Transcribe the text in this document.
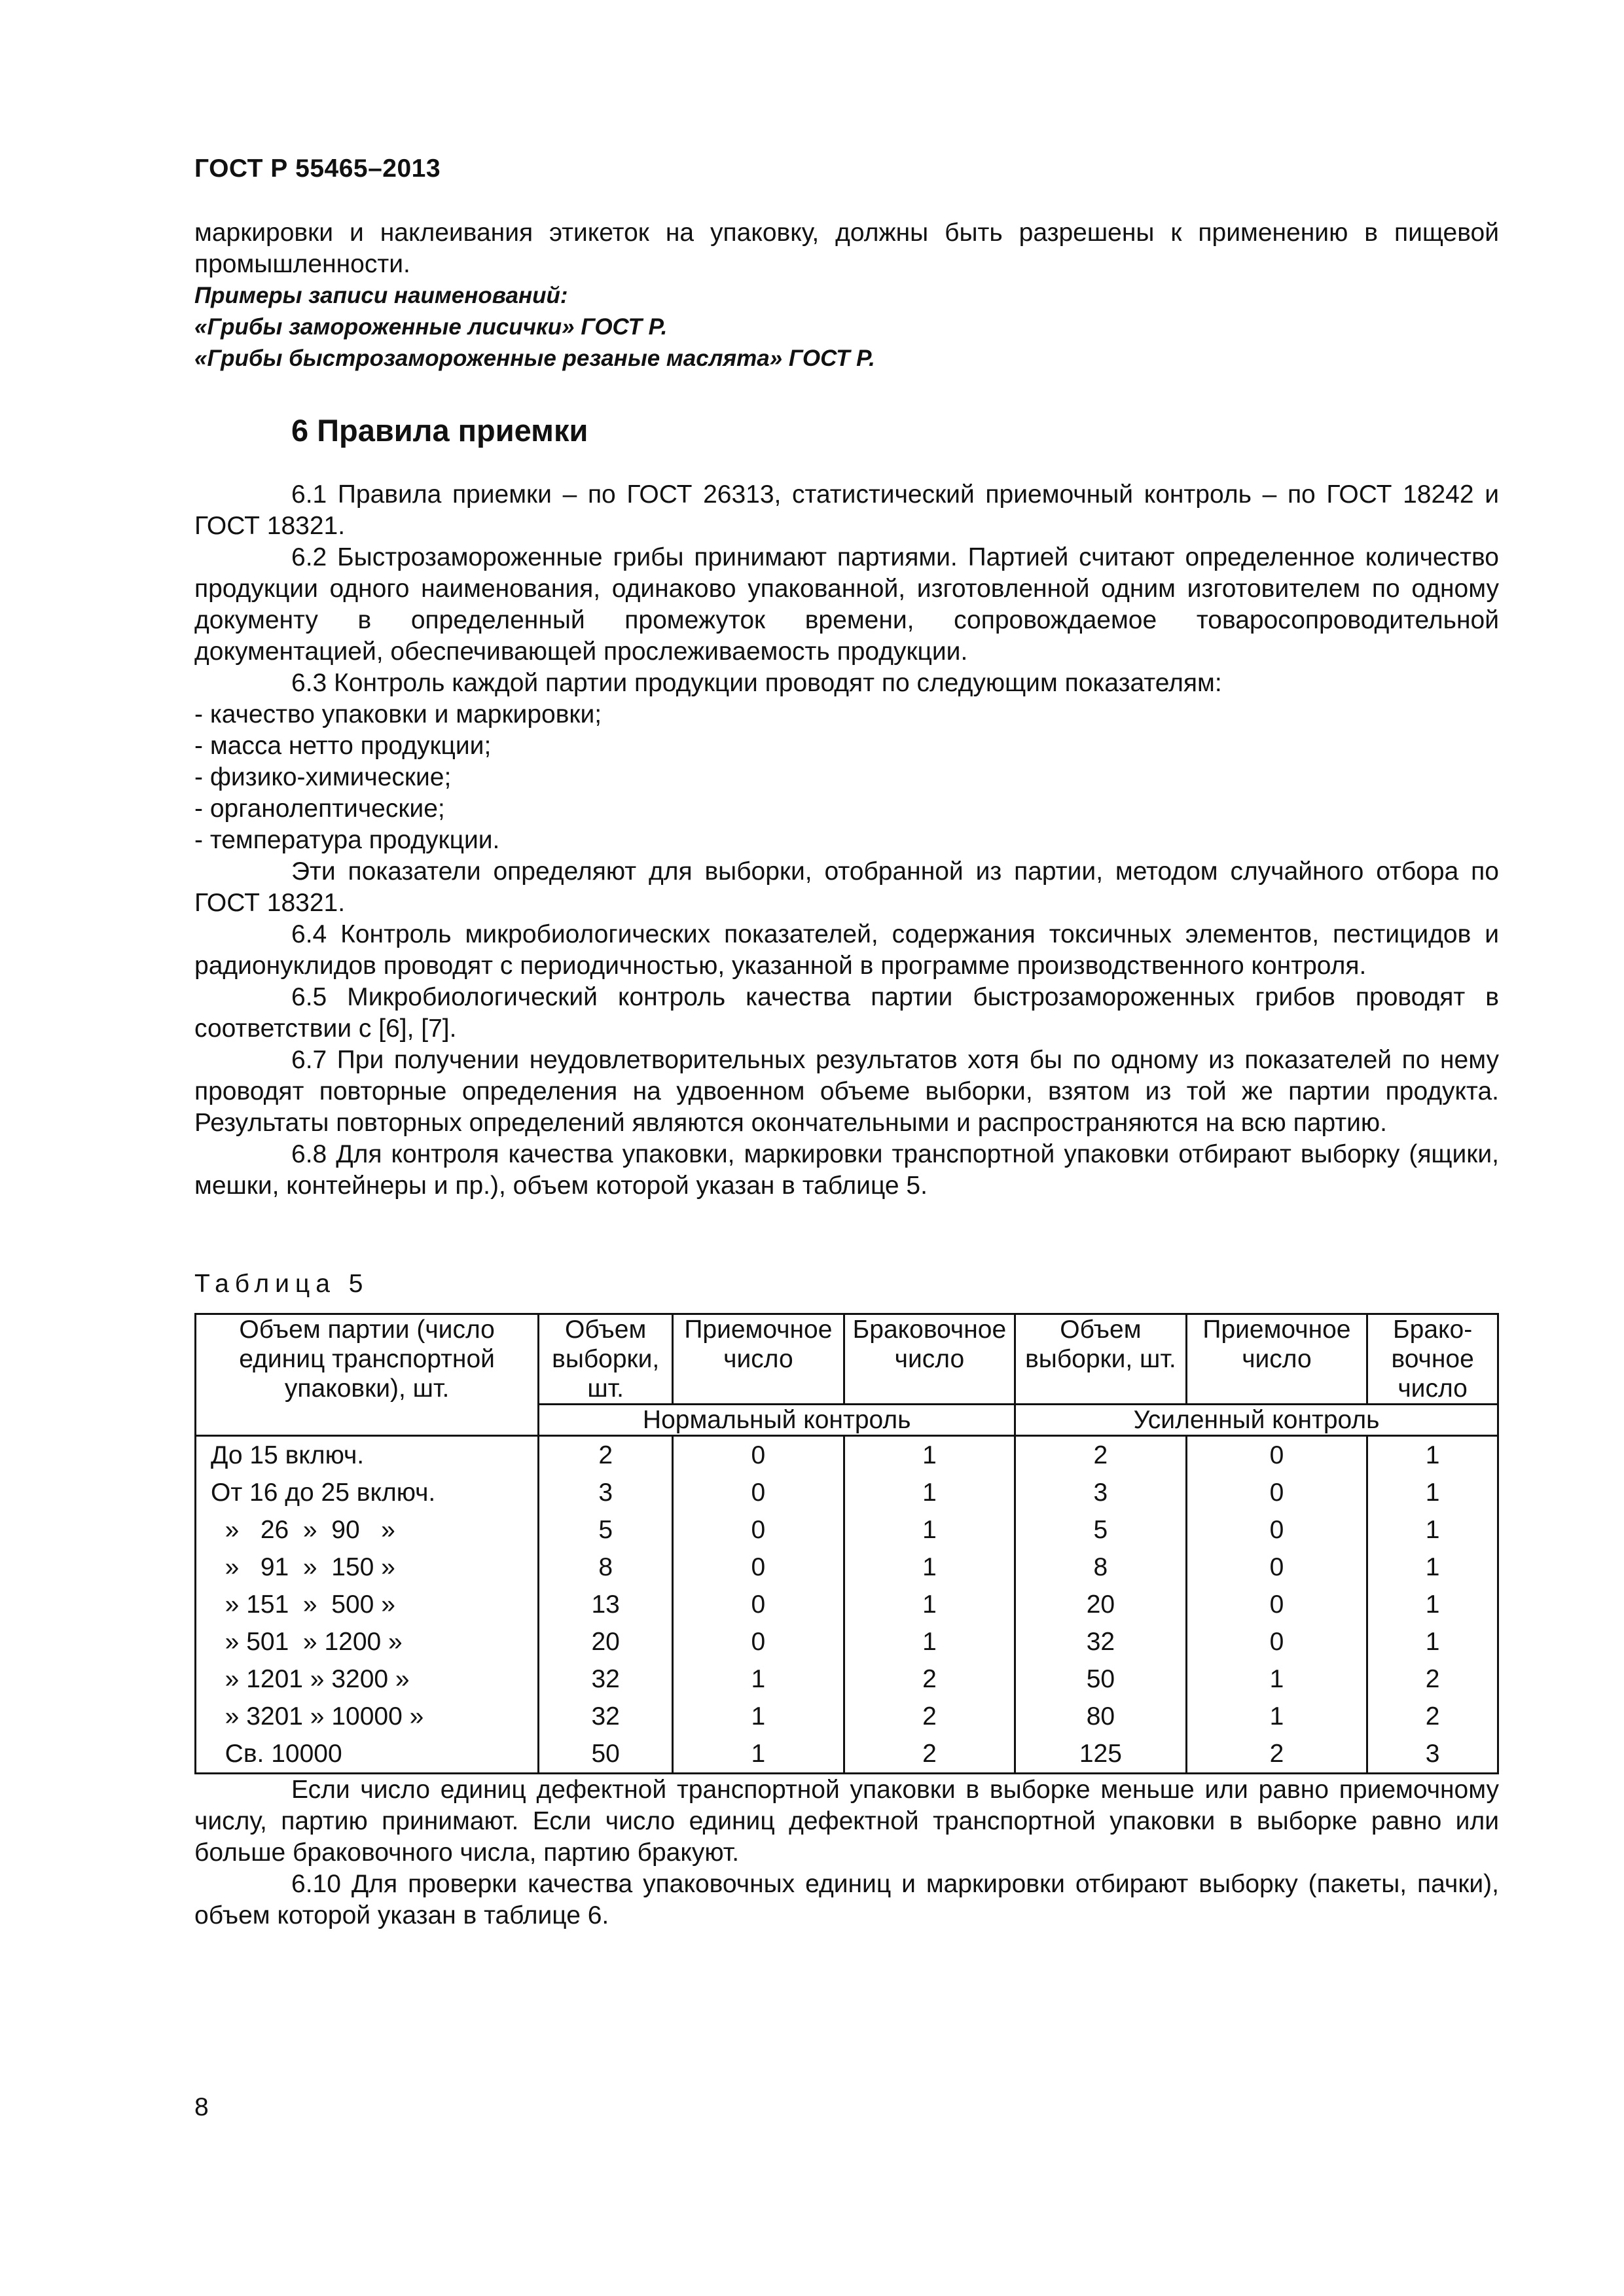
ГОСТ Р 55465–2013

маркировки и наклеивания этикеток на упаковку, должны быть разрешены к применению в пищевой промышленности.

Примеры записи наименований:

«Грибы замороженные лисички» ГОСТ Р.

«Грибы быстрозамороженные резаные маслята» ГОСТ Р.

6 Правила приемки

6.1 Правила приемки – по ГОСТ 26313, статистический приемочный контроль – по ГОСТ 18242 и ГОСТ 18321.

6.2 Быстрозамороженные грибы принимают партиями. Партией считают определенное количество продукции одного наименования, одинаково упакованной, изготовленной одним изготовителем по одному документу в определенный промежуток времени, сопровождаемое товаросопроводительной документацией, обеспечивающей прослеживаемость продукции.

6.3 Контроль каждой партии продукции проводят по следующим показателям:

- качество упаковки и маркировки;

- масса нетто продукции;

- физико-химические;

- органолептические;

- температура продукции.

Эти показатели определяют для выборки, отобранной из партии, методом случайного отбора по ГОСТ 18321.

6.4 Контроль микробиологических показателей, содержания токсичных элементов, пестицидов и радионуклидов проводят с периодичностью, указанной в программе производственного контроля.

6.5 Микробиологический контроль качества партии быстрозамороженных грибов проводят в соответствии с [6], [7].

6.7 При получении неудовлетворительных результатов хотя бы по одному из показателей по нему проводят повторные определения на удвоенном объеме выборки, взятом из той же партии продукта. Результаты повторных определений являются окончательными и распространяются на всю партию.

6.8 Для контроля качества упаковки, маркировки транспортной упаковки отбирают выборку (ящики, мешки, контейнеры и пр.), объем которой указан в таблице 5.

Таблица 5
Объем партии (число единиц транспортной упаковки), шт.	Объем выборки, шт.	Приемочное число	Браковочное число	Объем выборки, шт.	Приемочное число	Браковочное число
	Нормальный контроль			Усиленный контроль		
До 15 включ.	2	0	1	2	0	1
От 16 до 25 включ.	3	0	1	3	0	1
»   26  »  90   »	5	0	1	5	0	1
»   91  »  150 »	8	0	1	8	0	1
» 151  »  500 »	13	0	1	20	0	1
» 501  » 1200 »	20	0	1	32	0	1
» 1201 » 3200 »	32	1	2	50	1	2
» 3201 » 10000 »	32	1	2	80	1	2
Св. 10000	50	1	2	125	2	3

Если число единиц дефектной транспортной упаковки в выборке меньше или равно приемочному числу, партию принимают. Если число единиц дефектной транспортной упаковки в выборке равно или больше браковочного числа, партию бракуют.

6.10 Для проверки качества упаковочных единиц и маркировки отбирают выборку (пакеты, пачки), объем которой указан в таблице 6.

8
